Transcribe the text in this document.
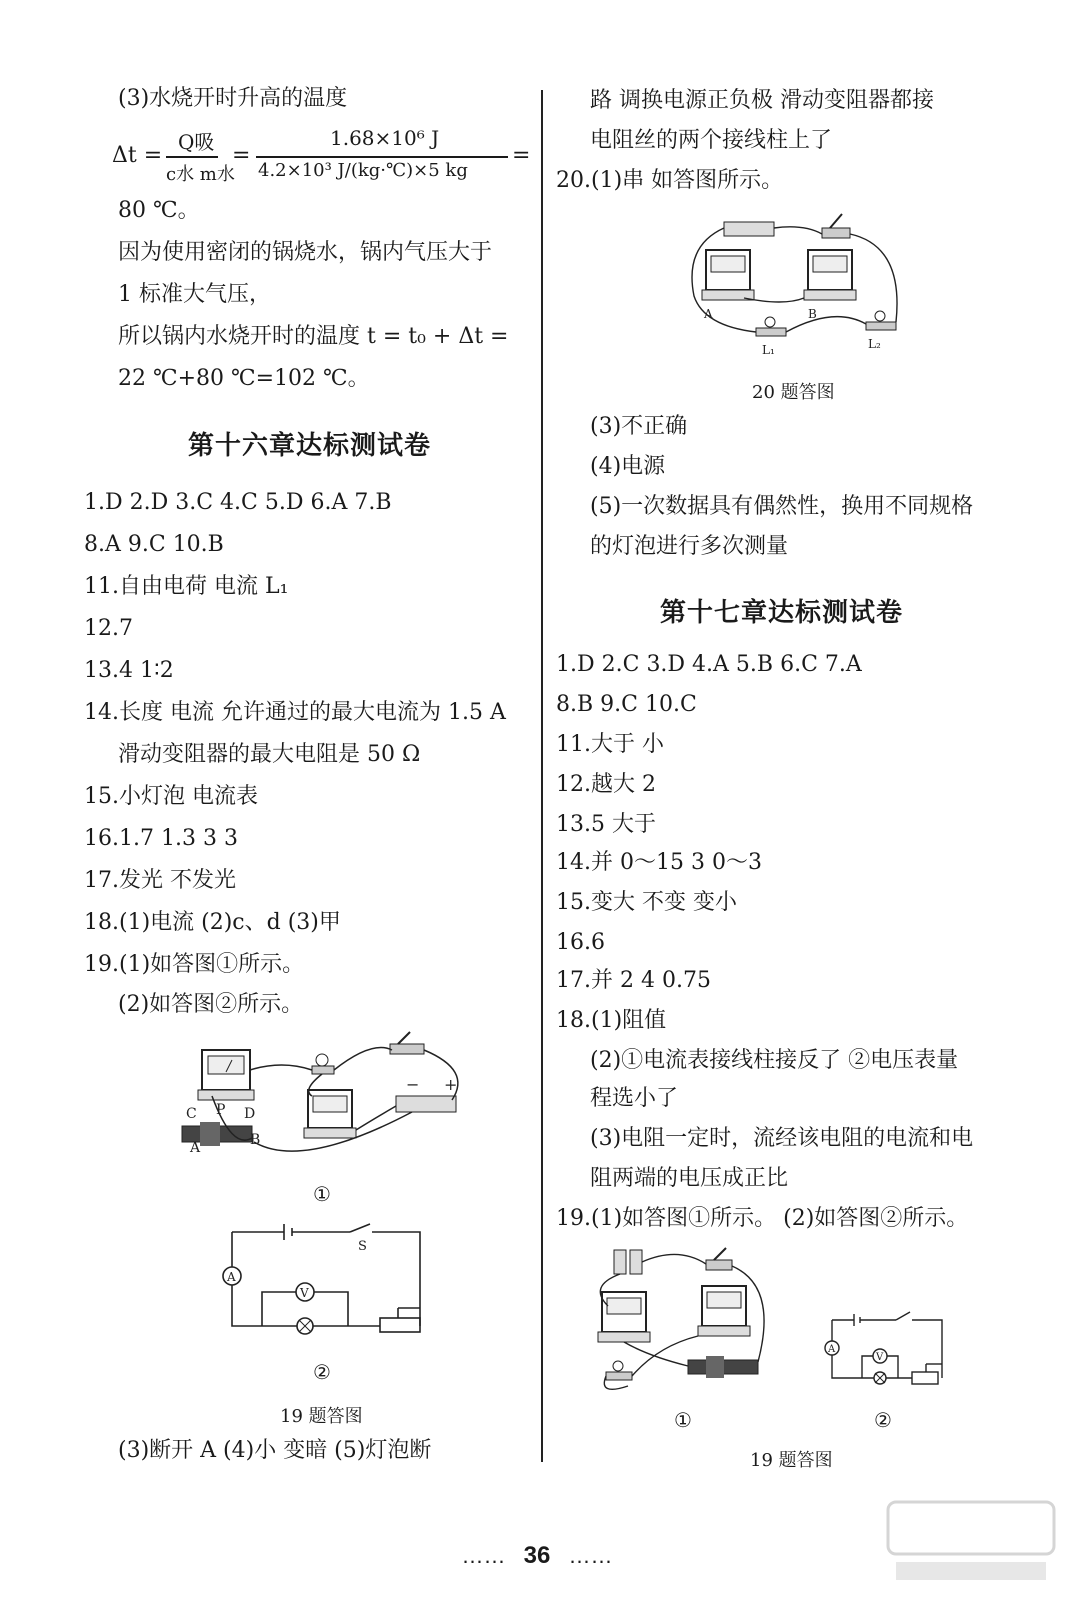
(3)水烧开时升高的温度
Δt =
Q吸
c水 m水
=
1.68×10⁶ J
4.2×10³ J/(kg·℃)×5 kg
=
80 ℃。
因为使用密闭的锅烧水，锅内气压大于
1 标准大气压，
所以锅内水烧开时的温度 t = t₀ + Δt =
22 ℃+80 ℃=102 ℃。
第十六章达标测试卷
1.D 2.D 3.C 4.C 5.D 6.A 7.B
8.A 9.C 10.B
11.自由电荷 电流 L₁
12.7
13.4 1∶2
14.长度 电流 允许通过的最大电流为 1.5 A
滑动变阻器的最大电阻是 50 Ω
15.小灯泡 电流表
16.1.7 1.3 3 3
17.发光 不发光
18.(1)电流 (2)c、d (3)甲
19.(1)如答图①所示。
(2)如答图②所示。
− +
C P D
A	B
①
A
V
S
②
19 题答图
(3)断开 A (4)小 变暗 (5)灯泡断
路 调换电源正负极 滑动变阻器都接
电阻丝的两个接线柱上了
20.(1)串 如答图所示。
A	B
L₁	L₂
20 题答图
(3)不正确
(4)电源
(5)一次数据具有偶然性，换用不同规格
的灯泡进行多次测量
第十七章达标测试卷
1.D 2.C 3.D 4.A 5.B 6.C 7.A
8.B 9.C 10.C
11.大于 小
12.越大 2
13.5 大于
14.并 0～15 3 0～3
15.变大 不变 变小
16.6
17.并 2 4 0.75
18.(1)阻值
(2)①电流表接线柱接反了 ②电压表量
程选小了
(3)电阻一定时，流经该电阻的电流和电
阻两端的电压成正比
19.(1)如答图①所示。 (2)如答图②所示。
①
A
V
②
19 题答图
…… 36 ……
